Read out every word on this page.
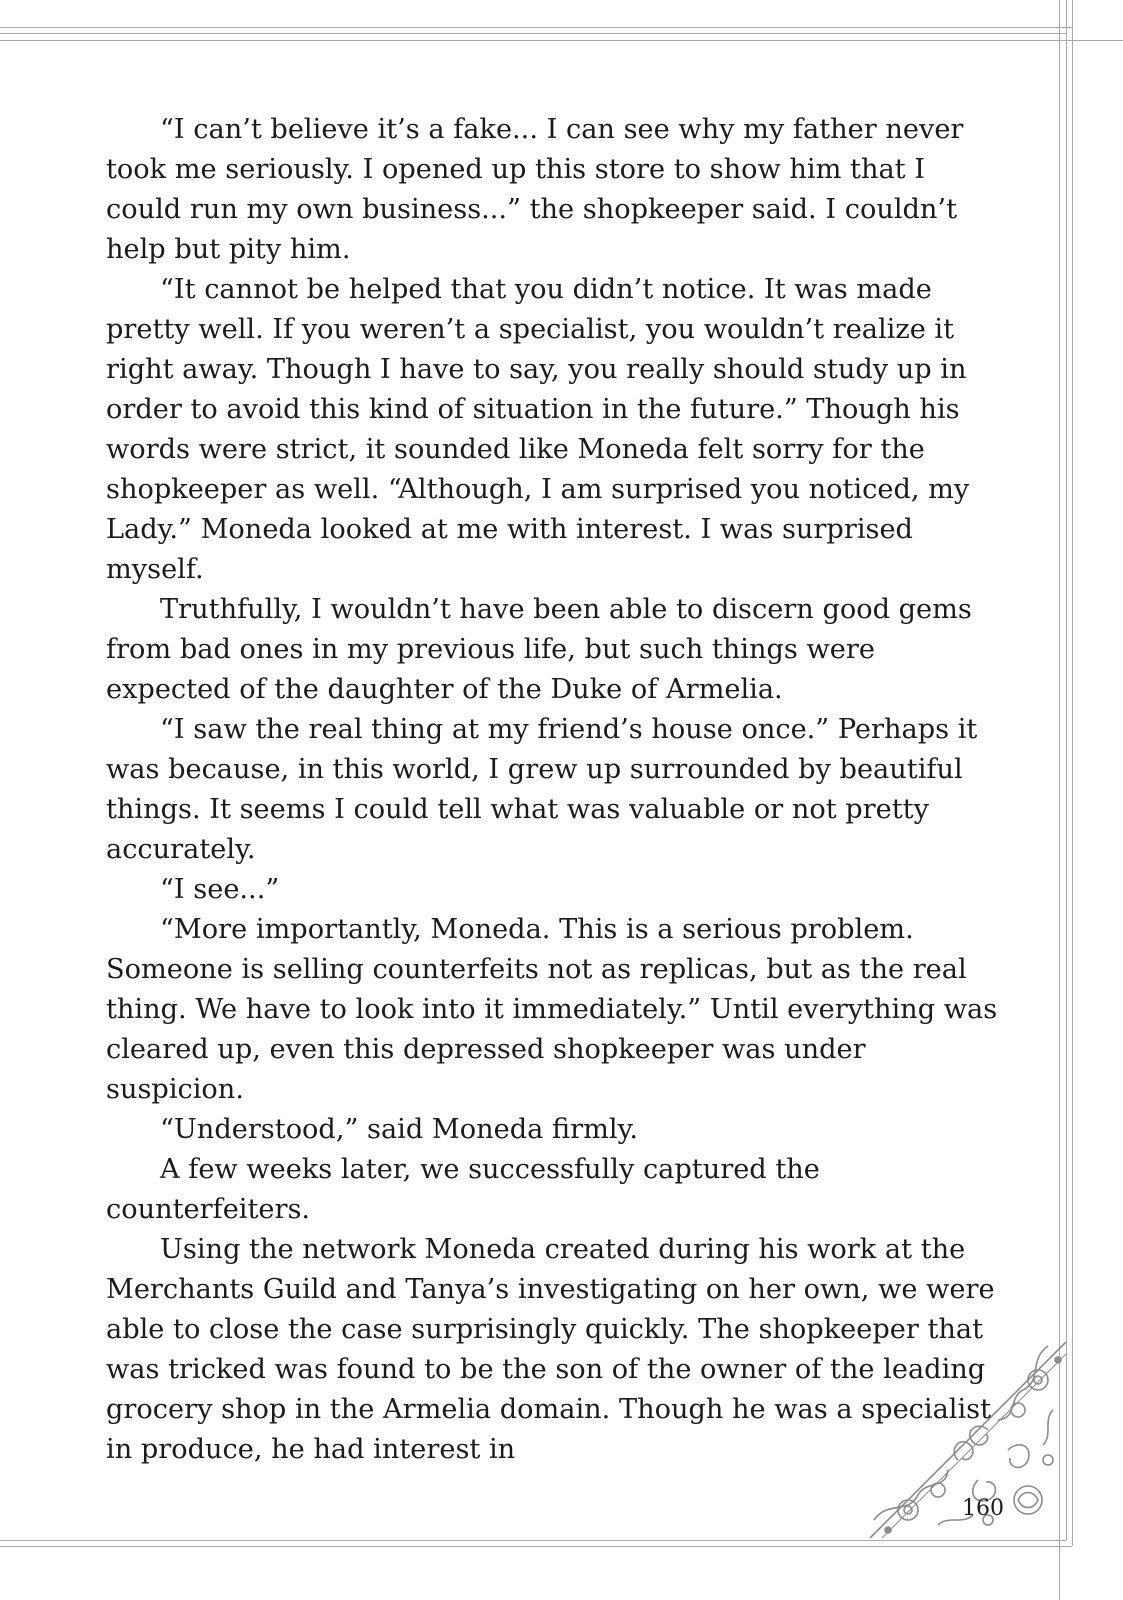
“I can’t believe it’s a fake... I can see why my father never took me seriously. I opened up this store to show him that I could run my own business...” the shopkeeper said. I couldn’t help but pity him.

“It cannot be helped that you didn’t notice. It was made pretty well. If you weren’t a specialist, you wouldn’t realize it right away. Though I have to say, you really should study up in order to avoid this kind of situation in the future.” Though his words were strict, it sounded like Moneda felt sorry for the shopkeeper as well. “Although, I am surprised you noticed, my Lady.” Moneda looked at me with interest. I was surprised myself.

Truthfully, I wouldn’t have been able to discern good gems from bad ones in my previous life, but such things were expected of the daughter of the Duke of Armelia.

“I saw the real thing at my friend’s house once.” Perhaps it was because, in this world, I grew up surrounded by beautiful things. It seems I could tell what was valuable or not pretty accurately.

“I see...”

“More importantly, Moneda. This is a serious problem. Someone is selling counterfeits not as replicas, but as the real thing. We have to look into it immediately.” Until everything was cleared up, even this depressed shopkeeper was under suspicion.

“Understood,” said Moneda firmly.

A few weeks later, we successfully captured the counterfeiters.

Using the network Moneda created during his work at the Merchants Guild and Tanya’s investigating on her own, we were able to close the case surprisingly quickly. The shopkeeper that was tricked was found to be the son of the owner of the leading grocery shop in the Armelia domain. Though he was a specialist in produce, he had interest in

160
